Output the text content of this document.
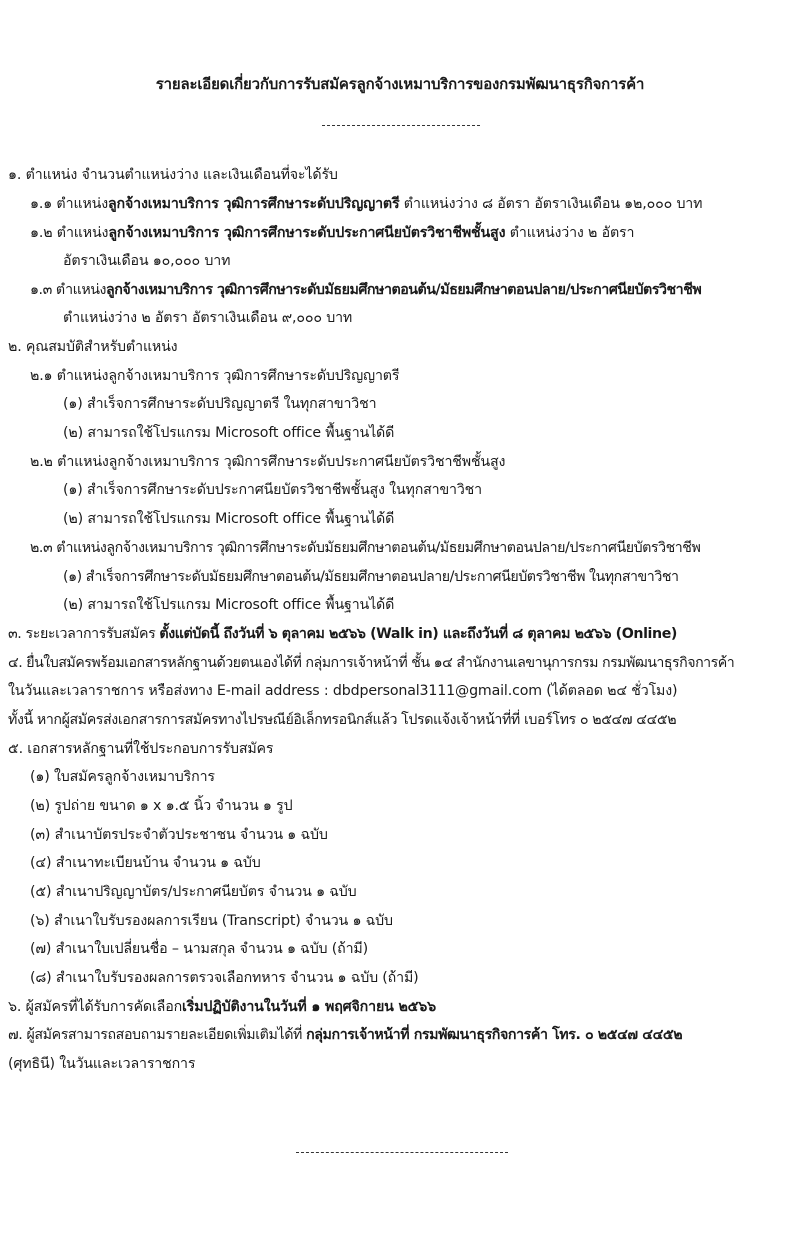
รายละเอียดเกี่ยวกับการรับสมัครลูกจ้างเหมาบริการของกรมพัฒนาธุรกิจการค้า
๑. ตำแหน่ง จำนวนตำแหน่งว่าง และเงินเดือนที่จะได้รับ
๑.๑ ตำแหน่งลูกจ้างเหมาบริการ วุฒิการศึกษาระดับปริญญาตรี ตำแหน่งว่าง ๘ อัตรา อัตราเงินเดือน ๑๒,๐๐๐ บาท
๑.๒ ตำแหน่งลูกจ้างเหมาบริการ วุฒิการศึกษาระดับประกาศนียบัตรวิชาชีพชั้นสูง ตำแหน่งว่าง ๒ อัตรา
อัตราเงินเดือน ๑๐,๐๐๐ บาท
๑.๓ ตำแหน่งลูกจ้างเหมาบริการ วุฒิการศึกษาระดับมัธยมศึกษาตอนต้น/มัธยมศึกษาตอนปลาย/ประกาศนียบัตรวิชาชีพ
ตำแหน่งว่าง ๒ อัตรา อัตราเงินเดือน ๙,๐๐๐ บาท
๒. คุณสมบัติสำหรับตำแหน่ง
๒.๑ ตำแหน่งลูกจ้างเหมาบริการ วุฒิการศึกษาระดับปริญญาตรี
(๑) สำเร็จการศึกษาระดับปริญญาตรี ในทุกสาขาวิชา
(๒) สามารถใช้โปรแกรม Microsoft office พื้นฐานได้ดี
๒.๒ ตำแหน่งลูกจ้างเหมาบริการ วุฒิการศึกษาระดับประกาศนียบัตรวิชาชีพชั้นสูง
(๑) สำเร็จการศึกษาระดับประกาศนียบัตรวิชาชีพชั้นสูง ในทุกสาขาวิชา
(๒) สามารถใช้โปรแกรม Microsoft office พื้นฐานได้ดี
๒.๓ ตำแหน่งลูกจ้างเหมาบริการ วุฒิการศึกษาระดับมัธยมศึกษาตอนต้น/มัธยมศึกษาตอนปลาย/ประกาศนียบัตรวิชาชีพ
(๑) สำเร็จการศึกษาระดับมัธยมศึกษาตอนต้น/มัธยมศึกษาตอนปลาย/ประกาศนียบัตรวิชาชีพ ในทุกสาขาวิชา
(๒) สามารถใช้โปรแกรม Microsoft office พื้นฐานได้ดี
๓. ระยะเวลาการรับสมัคร ตั้งแต่บัดนี้ ถึงวันที่ ๖ ตุลาคม ๒๕๖๖ (Walk in) และถึงวันที่ ๘ ตุลาคม ๒๕๖๖ (Online)
๔. ยื่นใบสมัครพร้อมเอกสารหลักฐานด้วยตนเองได้ที่ กลุ่มการเจ้าหน้าที่ ชั้น ๑๔ สำนักงานเลขานุการกรม กรมพัฒนาธุรกิจการค้า
ในวันและเวลาราชการ หรือส่งทาง E-mail address : dbdpersonal3111@gmail.com (ได้ตลอด ๒๔ ชั่วโมง)
ทั้งนี้ หากผู้สมัครส่งเอกสารการสมัครทางไปรษณีย์อิเล็กทรอนิกส์แล้ว โปรดแจ้งเจ้าหน้าที่ที่ เบอร์โทร ๐ ๒๕๔๗ ๔๔๕๒
๕. เอกสารหลักฐานที่ใช้ประกอบการรับสมัคร
(๑) ใบสมัครลูกจ้างเหมาบริการ
(๒) รูปถ่าย ขนาด ๑ x ๑.๕ นิ้ว จำนวน ๑ รูป
(๓) สำเนาบัตรประจำตัวประชาชน จำนวน ๑ ฉบับ
(๔) สำเนาทะเบียนบ้าน จำนวน ๑ ฉบับ
(๕) สำเนาปริญญาบัตร/ประกาศนียบัตร จำนวน ๑ ฉบับ
(๖) สำเนาใบรับรองผลการเรียน (Transcript) จำนวน ๑ ฉบับ
(๗) สำเนาใบเปลี่ยนชื่อ – นามสกุล จำนวน ๑ ฉบับ (ถ้ามี)
(๘) สำเนาใบรับรองผลการตรวจเลือกทหาร จำนวน ๑ ฉบับ (ถ้ามี)
๖. ผู้สมัครที่ได้รับการคัดเลือกเริ่มปฏิบัติงานในวันที่ ๑ พฤศจิกายน ๒๕๖๖
๗. ผู้สมัครสามารถสอบถามรายละเอียดเพิ่มเติมได้ที่ กลุ่มการเจ้าหน้าที่ กรมพัฒนาธุรกิจการค้า โทร. ๐ ๒๕๔๗ ๔๔๕๒
(ศุทธินี) ในวันและเวลาราชการ
